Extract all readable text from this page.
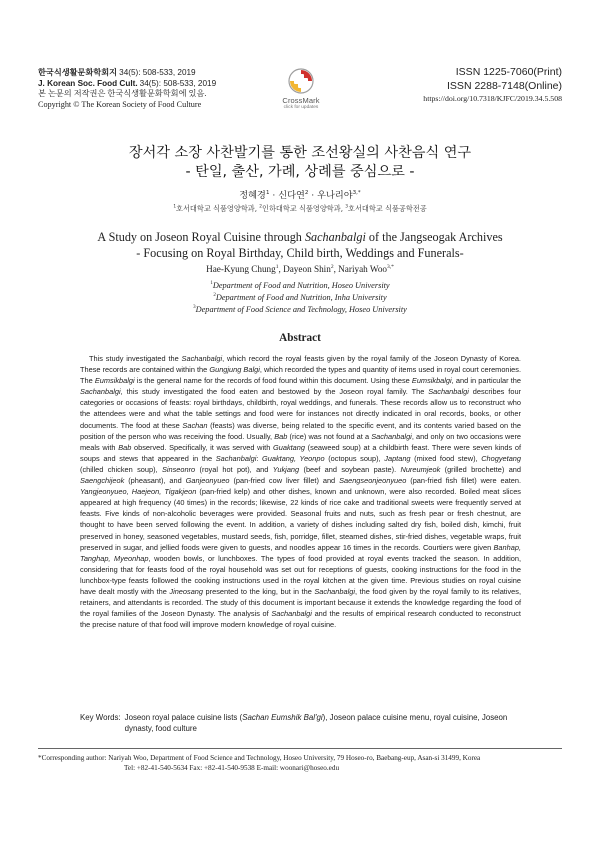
한국식생활문화학회지 34(5): 508-533, 2019
J. Korean Soc. Food Cult. 34(5): 508-533, 2019
본 논문의 저작권은 한국식생활문화학회에 있음.
Copyright © The Korean Society of Food Culture	CrossMark
click for updates
ISSN 1225-7060(Print)
ISSN 2288-7148(Online)
https://doi.org/10.7318/KJFC/2019.34.5.508
장서각 소장 사찬발기를 통한 조선왕실의 사찬음식 연구
- 탄일, 출산, 가례, 상례를 중심으로 -
정혜경$^1$ · 신다연$^2$ · 우나리야$^{3,*}$
$^1$호서대학교 식품영양학과, $^2$인하대학교 식품영양학과, $^3$호서대학교 식품공학전공
A Study on Joseon Royal Cuisine through Sachanbalgi of the Jangseogak Archives
- Focusing on Royal Birthday, Child birth, Weddings and Funerals-
Hae-Kyung Chung$^1$, Dayeon Shin$^2$, Nariyah Woo$^{3,*}$
$^1$Department of Food and Nutrition, Hoseo University
$^2$Department of Food and Nutrition, Inha University
$^3$Department of Food Science and Technology, Hoseo University
Abstract

This study investigated the Sachanbalgi, which record the royal feasts given by the royal family of the Joseon Dynasty of Korea. These records are contained within the Gungjung Balgi, which recorded the types and quantity of items used in royal court ceremonies. The Eumsikbalgi is the general name for the records of food found within this document. Using these Eumsikbalgi, and in particular the Sachanbalgi, this study investigated the food eaten and bestowed by the Joseon royal family. The Sachanbalgi describes four categories or occasions of feasts: royal birthdays, childbirth, royal weddings, and funerals. These records allow us to reconstruct who the attendees were and what the table settings and food were for instances not directly indicated in oral records, books, or other documents. The food at these Sachan (feasts) was diverse, being related to the specific event, and its contents varied based on the position of the person who was receiving the food. Usually, Bab (rice) was not found at a Sachanbalgi, and only on two occasions were meals with Bab observed. Specifically, it was served with Guaktang (seaweed soup) at a childbirth feast. There were seven kinds of soups and stews that appeared in the Sachanbalgi: Guaktang, Yeonpo (octopus soup), Japtang (mixed food stew), Chogyetang (chilled chicken soup), Sinseonro (royal hot pot), and Yukjang (beef and soybean paste). Nureumjeok (grilled brochette) and Saengchijeok (pheasant), and Ganjeonyueo (pan-fried cow liver fillet) and Saengseonjeonyueo (pan-fried fish fillet) were eaten. Yangjeonyueo, Haejeon, Tigakjeon (pan-fried kelp) and other dishes, known and unknown, were also recorded. Boiled meat slices appeared at high frequency (40 times) in the records; likewise, 22 kinds of rice cake and traditional sweets were frequently served at feasts. Five kinds of non-alcoholic beverages were provided. Seasonal fruits and nuts, such as fresh pear or fresh chestnut, are thought to have been served following the event. In addition, a variety of dishes including salted dry fish, boiled dish, kimchi, fruit preserved in honey, seasoned vegetables, mustard seeds, fish, porridge, fillet, steamed dishes, stir-fried dishes, vegetable wraps, fruit preserved in sugar, and jellied foods were given to guests, and noodles appear 16 times in the records. Courtiers were given Banhap, Tanghap, Myeonhap, wooden bowls, or lunchboxes. The types of food provided at royal events tracked the season. In addition, considering that for feasts food of the royal household was set out for receptions of guests, cooking instructions for the food in the lunchbox-type feasts followed the cooking instructions used in the royal kitchen at the given time. Previous studies on royal cuisine have dealt mostly with the Jineosang presented to the king, but in the Sachanbalgi, the food given by the royal family to its relatives, retainers, and attendants is recorded. The study of this document is important because it extends the knowledge regarding the food of the royal families of the Joseon Dynasty. The analysis of Sachanbalgi and the results of empirical research conducted to reconstruct the precise nature of that food will improve modern knowledge of royal cuisine.

Key Words: Joseon royal palace cuisine lists (Sachan Eumshik Bal'gi), Joseon palace cuisine menu, royal cuisine, Joseon dynasty, food culture
*Corresponding author: Nariyah Woo, Department of Food Science and Technology, Hoseo University, 79 Hoseo-ro, Baebang-eup, Asan-si 31499, Korea
Tel: +82-41-540-5634 Fax: +82-41-540-9538 E-mail: woonari@hoseo.edu
